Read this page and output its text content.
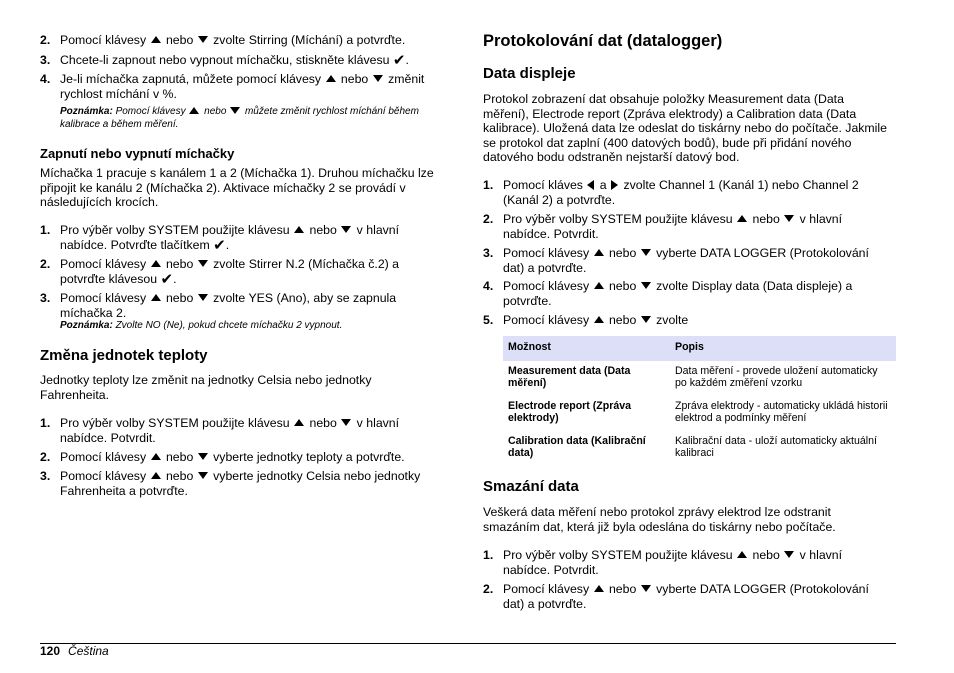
2. Pomocí klávesy  nebo  zvolte Stirring (Míchání) a potvrďte.
3. Chcete-li zapnout nebo vypnout míchačku, stiskněte klávesu ✔.
4. Je-li míchačka zapnutá, můžete pomocí klávesy  nebo  změnit rychlost míchání v %.
Poznámka: Pomocí klávesy  nebo  můžete změnit rychlost míchání během kalibrace a během měření.
Zapnutí nebo vypnutí míchačky
Míchačka 1 pracuje s kanálem 1 a 2 (Míchačka 1). Druhou míchačku lze připojit ke kanálu 2 (Míchačka 2). Aktivace míchačky 2 se provádí v následujících krocích.
1. Pro výběr volby SYSTEM použijte klávesu  nebo  v hlavní nabídce. Potvrďte tlačítkem ✔.
2. Pomocí klávesy  nebo  zvolte Stirrer N.2 (Míchačka č.2) a potvrďte klávesou ✔.
3. Pomocí klávesy  nebo  zvolte YES (Ano), aby se zapnula míchačka 2.
Poznámka: Zvolte NO (Ne), pokud chcete míchačku 2 vypnout.
Změna jednotek teploty
Jednotky teploty lze změnit na jednotky Celsia nebo jednotky Fahrenheita.
1. Pro výběr volby SYSTEM použijte klávesu  nebo  v hlavní nabídce. Potvrdit.
2. Pomocí klávesy  nebo  vyberte jednotky teploty a potvrďte.
3. Pomocí klávesy  nebo  vyberte jednotky Celsia nebo jednotky Fahrenheita a potvrďte.
Protokolování dat (datalogger)
Data displeje
Protokol zobrazení dat obsahuje položky Measurement data (Data měření), Electrode report (Zpráva elektrody) a Calibration data (Data kalibrace). Uložená data lze odeslat do tiskárny nebo do počítače. Jakmile se protokol dat zaplní (400 datových bodů), bude při přidání nového datového bodu odstraněn nejstarší datový bod.
1. Pomocí kláves  a  zvolte Channel 1 (Kanál 1) nebo Channel 2 (Kanál 2) a potvrďte.
2. Pro výběr volby SYSTEM použijte klávesu  nebo  v hlavní nabídce. Potvrdit.
3. Pomocí klávesy  nebo  vyberte DATA LOGGER (Protokolování dat) a potvrďte.
4. Pomocí klávesy  nebo  zvolte Display data (Data displeje) a potvrďte.
5. Pomocí klávesy  nebo  zvolte
Možnost	Popis
Measurement data (Data měření)	Data měření - provede uložení automaticky po každém změření vzorku
Electrode report (Zpráva elektrody)	Zpráva elektrody - automaticky ukládá historii elektrod a podmínky měření
Calibration data (Kalibrační data)	Kalibrační data - uloží automaticky aktuální kalibraci
Smazání data
Veškerá data měření nebo protokol zprávy elektrod lze odstranit smazáním dat, která již byla odeslána do tiskárny nebo počítače.
1. Pro výběr volby SYSTEM použijte klávesu  nebo  v hlavní nabídce. Potvrdit.
2. Pomocí klávesy  nebo  vyberte DATA LOGGER (Protokolování dat) a potvrďte.
120 Čeština
